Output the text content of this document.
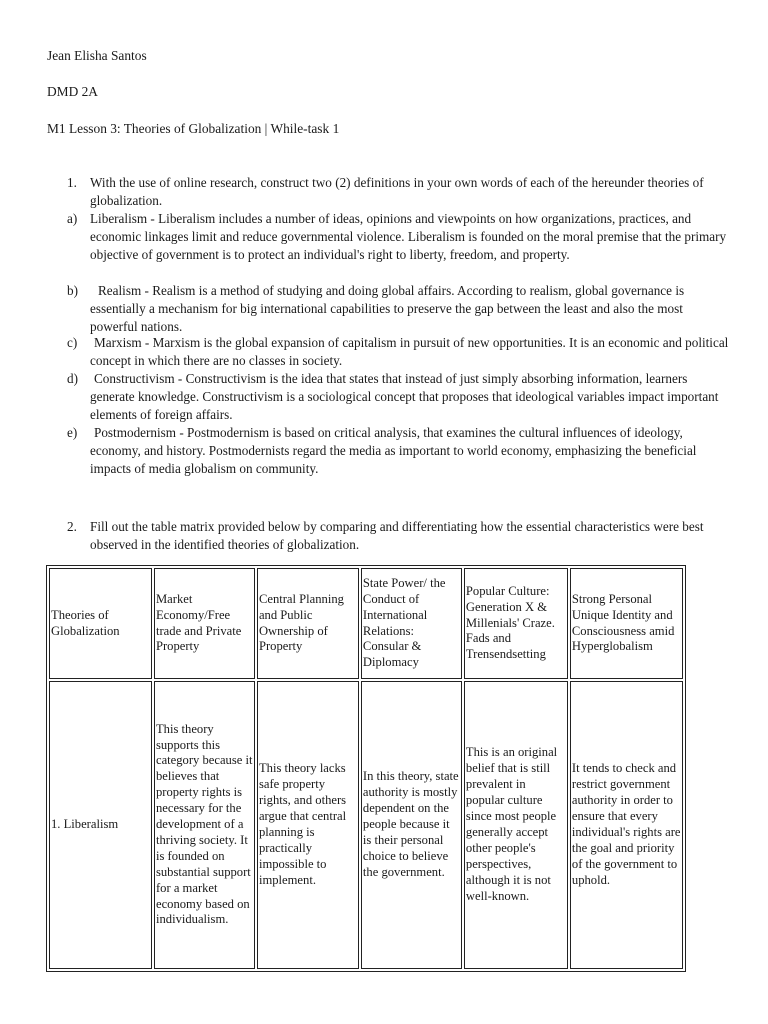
Jean Elisha Santos
DMD 2A
M1 Lesson 3: Theories of Globalization | While-task 1
1. With the use of online research, construct two (2) definitions in your own words of each of the hereunder theories of globalization.
a) Liberalism - Liberalism includes a number of ideas, opinions and viewpoints on how organizations, practices, and economic linkages limit and reduce governmental violence. Liberalism is founded on the moral premise that the primary objective of government is to protect an individual's right to liberty, freedom, and property.
b)	Realism - Realism is a method of studying and doing global affairs. According to realism, global governance is essentially a mechanism for big international capabilities to preserve the gap between the least and also the most powerful nations.
c)	Marxism - Marxism is the global expansion of capitalism in pursuit of new opportunities. It is an economic and political concept in which there are no classes in society.
d)	Constructivism - Constructivism is the idea that states that instead of just simply absorbing information, learners generate knowledge. Constructivism is a sociological concept that proposes that ideological variables impact important elements of foreign affairs.
e)	Postmodernism - Postmodernism is based on critical analysis, that examines the cultural influences of ideology, economy, and history. Postmodernists regard the media as important to world economy, emphasizing the beneficial impacts of media globalism on community.
2. Fill out the table matrix provided below by comparing and differentiating how the essential characteristics were best observed in the identified theories of globalization.
Theories of Globalization	Market Economy/Free trade and Private Property	Central Planning and Public Ownership of Property	State Power/ the Conduct of International Relations: Consular & Diplomacy	Popular Culture: Generation X & Millenials' Craze. Fads and Trensendsetting	Strong Personal Unique Identity and Consciousness amid Hyperglobalism
1. Liberalism	This theory supports this category because it believes that property rights is necessary for the development of a thriving society. It is founded on substantial support for a market economy based on individualism.	This theory lacks safe property rights, and others argue that central planning is practically impossible to implement.	In this theory, state authority is mostly dependent on the people because it is their personal choice to believe the government.	This is an original belief that is still prevalent in popular culture since most people generally accept other people's perspectives, although it is not well-known.	It tends to check and restrict government authority in order to ensure that every individual's rights are the goal and priority of the government to uphold.
